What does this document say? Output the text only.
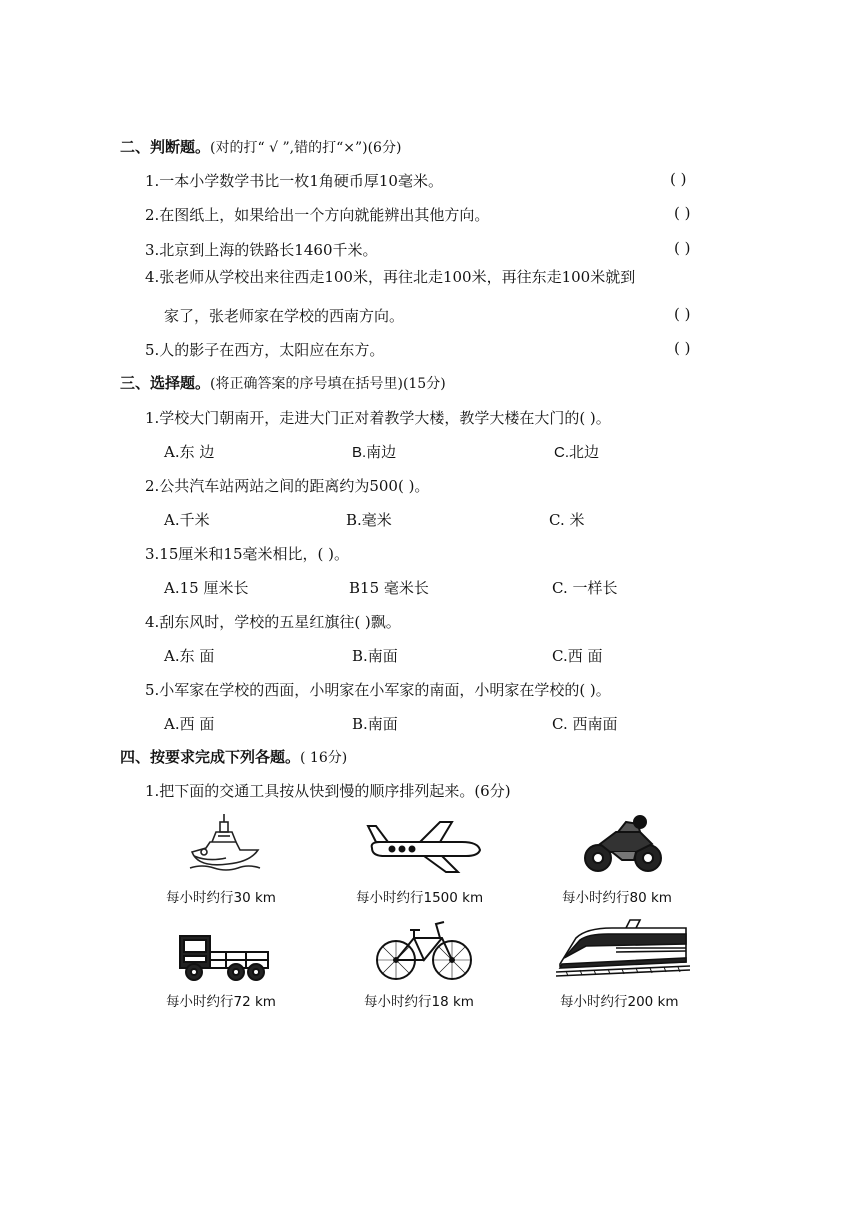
二、判断题。(对的打“ √ ”,错的打“×”)(6分)
1.一本小学数学书比一枚1角硬币厚10毫米。	( )
2.在图纸上，如果给出一个方向就能辨出其他方向。	( )
3.北京到上海的铁路长1460千米。	( )
4.张老师从学校出来往西走100米，再往北走100米，再往东走100米就到
家了，张老师家在学校的西南方向。	( )
5.人的影子在西方，太阳应在东方。	( )
三、选择题。(将正确答案的序号填在括号里)(15分)
1.学校大门朝南开，走进大门正对着教学大楼，教学大楼在大门的( )。
A.东 边	B.南边	C.北边
2.公共汽车站两站之间的距离约为500( )。
A.千米	B.毫米	C. 米
3.15厘米和15毫米相比，( )。
A.15 厘米长	B15 毫米长	C. 一样长
4.刮东风时，学校的五星红旗往( )飘。
A.东 面	B.南面	C.西 面
5.小军家在学校的西面，小明家在小军家的南面，小明家在学校的( )。
A.西 面	B.南面	C. 西南面
四、按要求完成下列各题。( 16分)
1.把下面的交通工具按从快到慢的顺序排列起来。(6分)
每小时约行30 km	每小时约行1500 km	每小时约行80 km
每小时约行72 km	每小时约行18 km	每小时约行200 km
